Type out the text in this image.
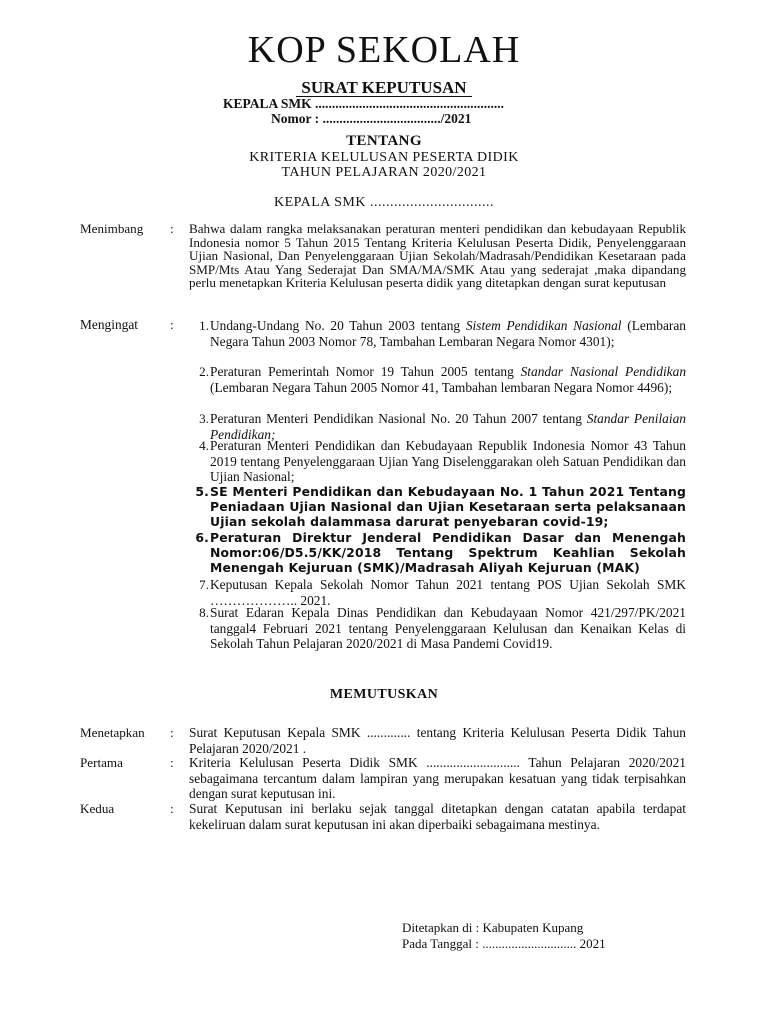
KOP SEKOLAH
SURAT KEPUTUSAN
KEPALA SMK ........................................................
Nomor : .................................../2021
TENTANG
KRITERIA KELULUSAN PESERTA DIDIK
TAHUN PELAJARAN 2020/2021
KEPALA SMK ...............................
Menimbang : Bahwa dalam rangka melaksanakan peraturan menteri pendidikan dan kebudayaan Republik Indonesia nomor 5 Tahun 2015 Tentang Kriteria Kelulusan Peserta Didik, Penyelenggaraan Ujian Nasional, Dan Penyelenggaraan Ujian Sekolah/Madrasah/Pendidikan Kesetaraan pada SMP/Mts Atau Yang Sederajat Dan SMA/MA/SMK Atau yang sederajat ,maka dipandang perlu menetapkan Kriteria Kelulusan peserta didik yang ditetapkan dengan surat keputusan
Mengingat :	1. Undang-Undang No. 20 Tahun 2003 tentang Sistem Pendidikan Nasional (Lembaran Negara Tahun 2003 Nomor 78, Tambahan Lembaran Negara Nomor 4301);
2. Peraturan Pemerintah Nomor 19 Tahun 2005 tentang Standar Nasional Pendidikan (Lembaran Negara Tahun 2005 Nomor 41, Tambahan lembaran Negara Nomor 4496);
3. Peraturan Menteri Pendidikan Nasional No. 20 Tahun 2007 tentang Standar Penilaian Pendidikan;
4. Peraturan Menteri Pendidikan dan Kebudayaan Republik Indonesia Nomor 43 Tahun 2019 tentang Penyelenggaraan Ujian Yang Diselenggarakan oleh Satuan Pendidikan dan Ujian Nasional;
5. SE Menteri Pendidikan dan Kebudayaan No. 1 Tahun 2021 Tentang Peniadaan Ujian Nasional dan Ujian Kesetaraan serta pelaksanaan Ujian sekolah dalammasa darurat penyebaran covid-19;
6. Peraturan Direktur Jenderal Pendidikan Dasar dan Menengah Nomor:06/D5.5/KK/2018 Tentang Spektrum Keahlian Sekolah Menengah Kejuruan (SMK)/Madrasah Aliyah Kejuruan (MAK)
7. Keputusan Kepala Sekolah Nomor Tahun 2021 tentang POS Ujian Sekolah SMK ……………….. 2021.
8. Surat Edaran Kepala Dinas Pendidikan dan Kebudayaan Nomor 421/297/PK/2021 tanggal4 Februari 2021 tentang Penyelenggaraan Kelulusan dan Kenaikan Kelas di Sekolah Tahun Pelajaran 2020/2021 di Masa Pandemi Covid19.
MEMUTUSKAN
Menetapkan : Surat Keputusan Kepala SMK ............. tentang Kriteria Kelulusan Peserta Didik Tahun Pelajaran 2020/2021 .
Pertama	: Kriteria Kelulusan Peserta Didik SMK ............................ Tahun Pelajaran 2020/2021 sebagaimana tercantum dalam lampiran yang merupakan kesatuan yang tidak terpisahkan dengan surat keputusan ini.
Kedua	: Surat Keputusan ini berlaku sejak tanggal ditetapkan dengan catatan apabila terdapat kekeliruan dalam surat keputusan ini akan diperbaiki sebagaimana mestinya.
Ditetapkan di : Kabupaten Kupang
Pada Tanggal : ............................. 2021
